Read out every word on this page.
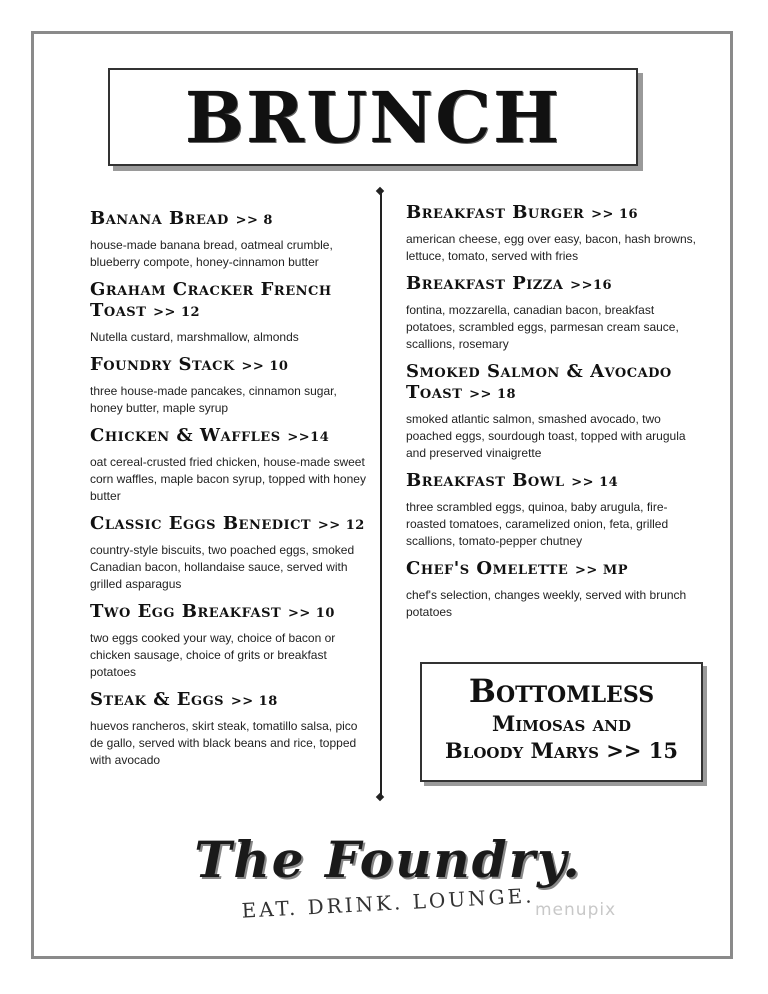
BRUNCH
Banana Bread >> 8
house-made banana bread, oatmeal crumble, blueberry compote, honey-cinnamon butter
Graham Cracker French Toast >> 12
Nutella custard, marshmallow, almonds
Foundry Stack >> 10
three house-made pancakes, cinnamon sugar, honey butter, maple syrup
Chicken & Waffles >>14
oat cereal-crusted fried chicken, house-made sweet corn waffles, maple bacon syrup, topped with honey butter
Classic Eggs Benedict >> 12
country-style biscuits, two poached eggs, smoked Canadian bacon, hollandaise sauce, served with grilled asparagus
Two Egg Breakfast >> 10
two eggs cooked your way, choice of bacon or chicken sausage, choice of grits or breakfast potatoes
Steak & Eggs >> 18
huevos rancheros, skirt steak, tomatillo salsa, pico de gallo, served with black beans and rice, topped with avocado
Breakfast Burger >> 16
american cheese, egg over easy, bacon, hash browns, lettuce, tomato, served with fries
Breakfast Pizza >>16
fontina, mozzarella, canadian bacon, breakfast potatoes, scrambled eggs, parmesan cream sauce, scallions, rosemary
Smoked Salmon & Avocado Toast >> 18
smoked atlantic salmon, smashed avocado, two poached eggs, sourdough toast, topped with arugula and preserved vinaigrette
Breakfast Bowl >> 14
three scrambled eggs, quinoa, baby arugula, fire-roasted tomatoes, caramelized onion, feta, grilled scallions, tomato-pepper chutney
Chef's Omelette >> MP
chef's selection, changes weekly, served with brunch potatoes
Bottomless
Mimosas and
Bloody Marys >> 15
The Foundry.
EAT. DRINK. LOUNGE. menupix
